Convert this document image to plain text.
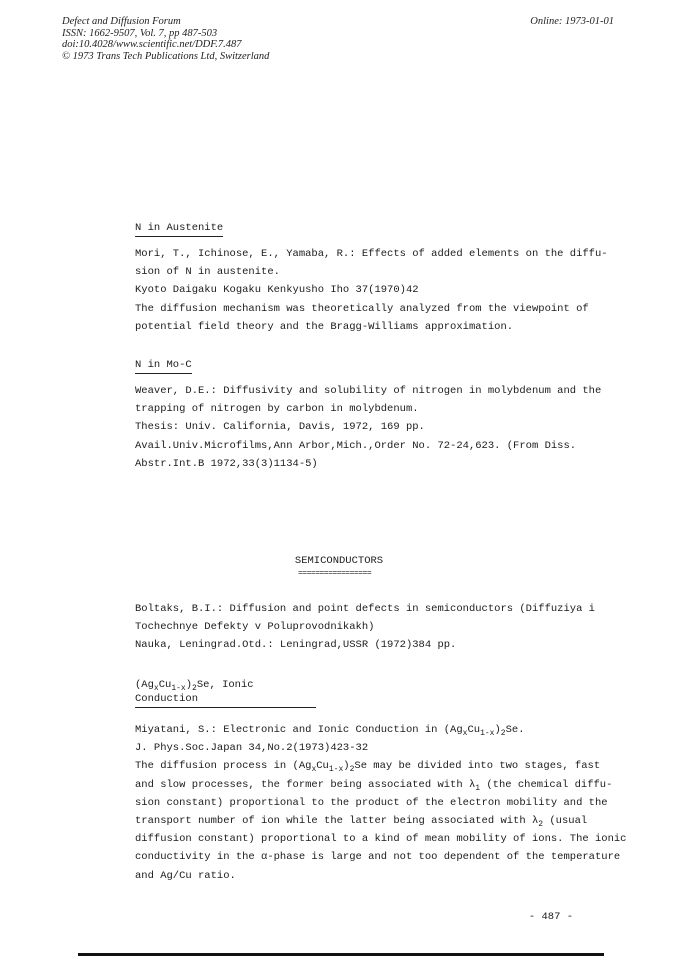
Defect and Diffusion Forum
ISSN: 1662-9507, Vol. 7, pp 487-503
doi:10.4028/www.scientific.net/DDF.7.487
© 1973 Trans Tech Publications Ltd, Switzerland
Online: 1973-01-01
N in Austenite
Mori, T., Ichinose, E., Yamaba, R.: Effects of added elements on the diffu-
sion of N in austenite.
Kyoto Daigaku Kogaku Kenkyusho Iho 37(1970)42
The diffusion mechanism was theoretically analyzed from the viewpoint of
potential field theory and the Bragg-Williams approximation.
N in Mo-C
Weaver, D.E.: Diffusivity and solubility of nitrogen in molybdenum and the
trapping of nitrogen by carbon in molybdenum.
Thesis: Univ. California, Davis, 1972, 169 pp.
Avail.Univ.Microfilms,Ann Arbor,Mich.,Order No. 72-24,623. (From Diss.
Abstr.Int.B 1972,33(3)1134-5)
SEMICONDUCTORS
=================
Boltaks, B.I.: Diffusion and point defects in semiconductors (Diffuziya i
Tochechnye Defekty v Poluprovodnikakh)
Nauka, Leningrad.Otd.: Leningrad,USSR (1972)384 pp.
$(Ag_xCu_{1-x})_2Se$, Ionic Conduction
Miyatani, S.: Electronic and Ionic Conduction in $(Ag_xCu_{1-x})_2Se$.
J. Phys.Soc.Japan 34,No.2(1973)423-32
The diffusion process in $(Ag_xCu_{1-x})_2Se$ may be divided into two stages, fast
and slow processes, the former being associated with $\lambda_1$ (the chemical diffu-
sion constant) proportional to the product of the electron mobility and the
transport number of ion while the latter being associated with $\lambda_2$ (usual
diffusion constant) proportional to a kind of mean mobility of ions. The ionic
conductivity in the α-phase is large and not too dependent of the temperature
and Ag/Cu ratio.
- 487 -
